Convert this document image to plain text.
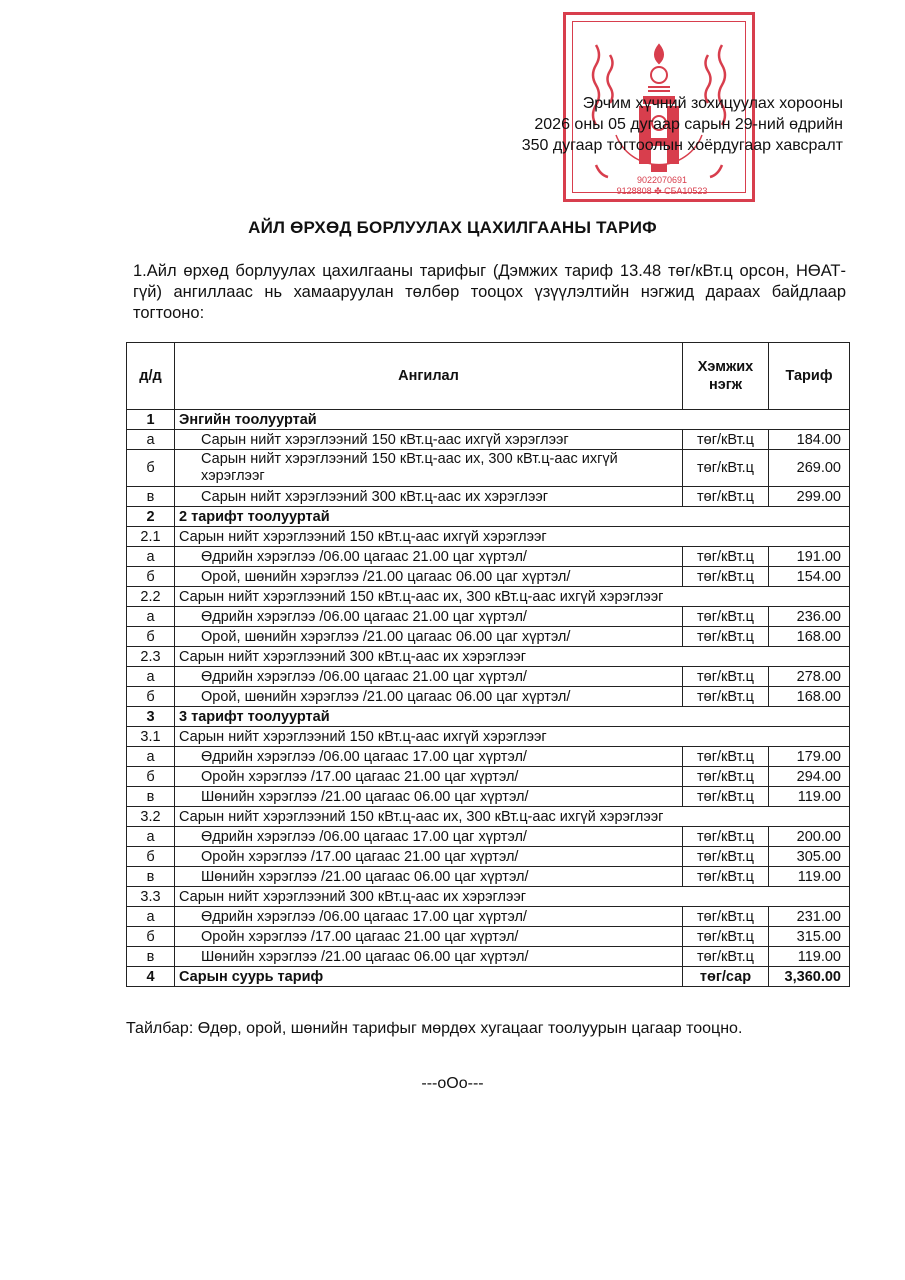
9022070691
9128808 ✤ СБА10523
Эрчим хүчний зохицуулах хорооны
2026 оны 05 дугаар сарын 29-ний өдрийн
350 дугаар тогтоолын хоёрдугаар хавсралт
АЙЛ ӨРХӨД БОРЛУУЛАХ ЦАХИЛГААНЫ ТАРИФ
1.Айл өрхөд борлуулах цахилгааны тарифыг (Дэмжих тариф 13.48 төг/кВт.ц орсон, НӨАТ-гүй) ангиллаас нь хамааруулан төлбөр тооцох үзүүлэлтийн нэгжид дараах байдлаар тогтооно:
д/д	Ангилал	Хэмжих нэгж	Тариф
1	Энгийн тоолууртай		
а	Сарын нийт хэрэглээний 150 кВт.ц-аас ихгүй хэрэглээг	төг/кВт.ц	184.00
б	Сарын нийт хэрэглээний 150 кВт.ц-аас их, 300 кВт.ц-аас ихгүй хэрэглээг	төг/кВт.ц	269.00
в	Сарын нийт хэрэглээний 300 кВт.ц-аас их хэрэглээг	төг/кВт.ц	299.00
2	2 тарифт тоолууртай		
2.1	Сарын нийт хэрэглээний 150 кВт.ц-аас ихгүй хэрэглээг		
а	Өдрийн хэрэглээ /06.00 цагаас 21.00 цаг хүртэл/	төг/кВт.ц	191.00
б	Орой, шөнийн хэрэглээ /21.00 цагаас 06.00 цаг хүртэл/	төг/кВт.ц	154.00
2.2	Сарын нийт хэрэглээний 150 кВт.ц-аас их, 300 кВт.ц-аас ихгүй хэрэглээг		
а	Өдрийн хэрэглээ /06.00 цагаас 21.00 цаг хүртэл/	төг/кВт.ц	236.00
б	Орой, шөнийн хэрэглээ /21.00 цагаас 06.00 цаг хүртэл/	төг/кВт.ц	168.00
2.3	Сарын нийт хэрэглээний 300 кВт.ц-аас их хэрэглээг		
а	Өдрийн хэрэглээ /06.00 цагаас 21.00 цаг хүртэл/	төг/кВт.ц	278.00
б	Орой, шөнийн хэрэглээ /21.00 цагаас 06.00 цаг хүртэл/	төг/кВт.ц	168.00
3	3 тарифт тоолууртай		
3.1	Сарын нийт хэрэглээний 150 кВт.ц-аас ихгүй хэрэглээг		
а	Өдрийн хэрэглээ /06.00 цагаас 17.00 цаг хүртэл/	төг/кВт.ц	179.00
б	Оройн хэрэглээ /17.00 цагаас 21.00 цаг хүртэл/	төг/кВт.ц	294.00
в	Шөнийн хэрэглээ /21.00 цагаас 06.00 цаг хүртэл/	төг/кВт.ц	119.00
3.2	Сарын нийт хэрэглээний 150 кВт.ц-аас их, 300 кВт.ц-аас ихгүй хэрэглээг		
а	Өдрийн хэрэглээ /06.00 цагаас 17.00 цаг хүртэл/	төг/кВт.ц	200.00
б	Оройн хэрэглээ /17.00 цагаас 21.00 цаг хүртэл/	төг/кВт.ц	305.00
в	Шөнийн хэрэглээ /21.00 цагаас 06.00 цаг хүртэл/	төг/кВт.ц	119.00
3.3	Сарын нийт хэрэглээний 300 кВт.ц-аас их хэрэглээг		
а	Өдрийн хэрэглээ /06.00 цагаас 17.00 цаг хүртэл/	төг/кВт.ц	231.00
б	Оройн хэрэглээ /17.00 цагаас 21.00 цаг хүртэл/	төг/кВт.ц	315.00
в	Шөнийн хэрэглээ /21.00 цагаас 06.00 цаг хүртэл/	төг/кВт.ц	119.00
4	Сарын суурь тариф	төг/сар	3,360.00
Тайлбар: Өдөр, орой, шөнийн тарифыг мөрдөх хугацааг тоолуурын цагаар тооцно.
---oOo---
